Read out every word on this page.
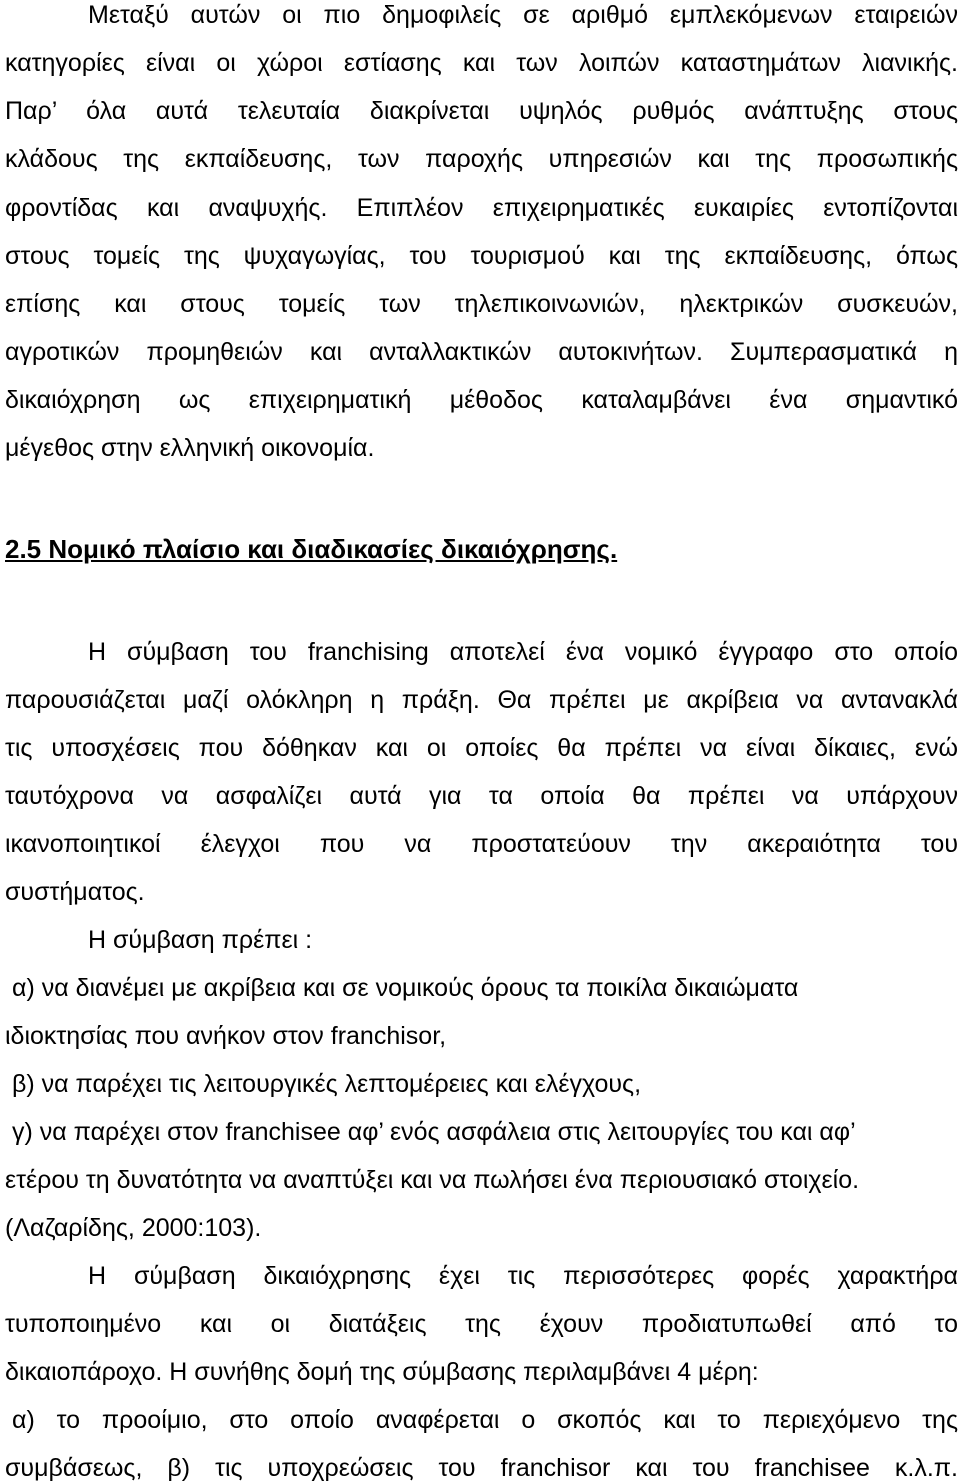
Μεταξύ αυτών οι πιο δημοφιλείς σε αριθμό εμπλεκόμενων εταιρειών
κατηγορίες είναι οι χώροι εστίασης και των λοιπών καταστημάτων λιανικής.
Παρ’ όλα αυτά τελευταία διακρίνεται υψηλός ρυθμός ανάπτυξης στους
κλάδους της εκπαίδευσης, των παροχής υπηρεσιών και της προσωπικής
φροντίδας και αναψυχής. Επιπλέον επιχειρηματικές ευκαιρίες εντοπίζονται
στους τομείς της ψυχαγωγίας, του τουρισμού και της εκπαίδευσης, όπως
επίσης και στους τομείς των τηλεπικοινωνιών, ηλεκτρικών συσκευών,
αγροτικών προμηθειών και ανταλλακτικών αυτοκινήτων. Συμπερασματικά η
δικαιόχρηση ως επιχειρηματική μέθοδος καταλαμβάνει ένα σημαντικό
μέγεθος στην ελληνική οικονομία.
2.5 Νομικό πλαίσιο και διαδικασίες δικαιόχρησης.
Η σύμβαση του franchising αποτελεί ένα νομικό έγγραφο στο οποίο
παρουσιάζεται μαζί ολόκληρη η πράξη. Θα πρέπει με ακρίβεια να αντανακλά
τις υποσχέσεις που δόθηκαν και οι οποίες θα πρέπει να είναι δίκαιες, ενώ
ταυτόχρονα να ασφαλίζει αυτά για τα οποία θα πρέπει να υπάρχουν
ικανοποιητικοί έλεγχοι που να προστατεύουν την ακεραιότητα του
συστήματος.
Η σύμβαση πρέπει :
α) να διανέμει με ακρίβεια και σε νομικούς όρους τα ποικίλα δικαιώματα
ιδιοκτησίας που ανήκον στον franchisor,
β) να παρέχει τις λειτουργικές λεπτομέρειες και ελέγχους,
γ) να παρέχει στον franchisee αφ’ ενός ασφάλεια στις λειτουργίες του και αφ’
ετέρου τη δυνατότητα να αναπτύξει και να πωλήσει ένα περιουσιακό στοιχείο.
(Λαζαρίδης, 2000:103).
Η σύμβαση δικαιόχρησης έχει τις περισσότερες φορές χαρακτήρα
τυποποιημένο και οι διατάξεις της έχουν προδιατυπωθεί από το
δικαιοπάροχο. Η συνήθης δομή της σύμβασης περιλαμβάνει 4 μέρη:
α) το προοίμιο, στο οποίο αναφέρεται ο σκοπός και το περιεχόμενο της
συμβάσεως, β) τις υποχρεώσεις του franchisor και του franchisee κ.λ.π.
